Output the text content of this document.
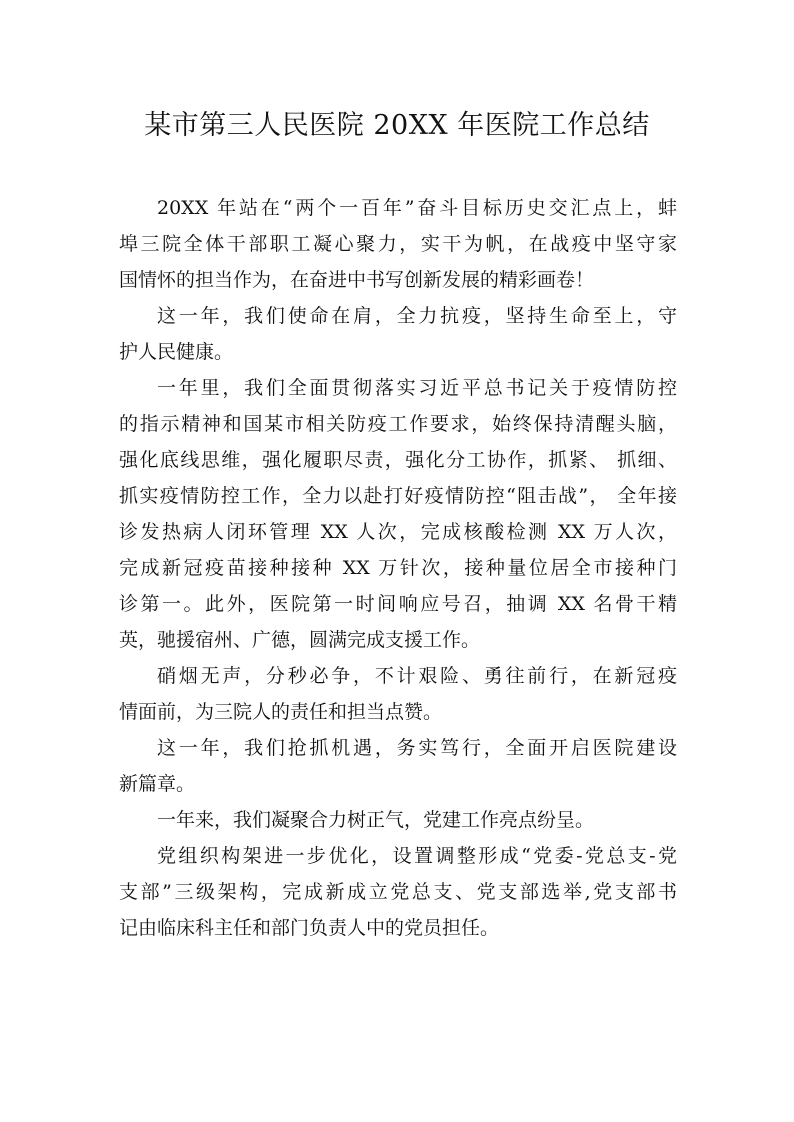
某市第三人民医院 20XX 年医院工作总结

20XX 年站在“两个一百年”奋斗目标历史交汇点上，蚌
埠三院全体干部职工凝心聚力，实干为帆，在战疫中坚守家
国情怀的担当作为，在奋进中书写创新发展的精彩画卷！

这一年，我们使命在肩，全力抗疫，坚持生命至上，守
护人民健康。

一年里，我们全面贯彻落实习近平总书记关于疫情防控
的指示精神和国某市相关防疫工作要求，始终保持清醒头脑，
强化底线思维，强化履职尽责，强化分工协作，抓紧、 抓细、
抓实疫情防控工作，全力以赴打好疫情防控“阻击战”， 全年接
诊发热病人闭环管理 XX 人次，完成核酸检测 XX 万人次，
完成新冠疫苗接种接种 XX 万针次，接种量位居全市接种门
诊第一。此外，医院第一时间响应号召，抽调 XX 名骨干精
英，驰援宿州、广德，圆满完成支援工作。

硝烟无声，分秒必争，不计艰险、勇往前行，在新冠疫
情面前，为三院人的责任和担当点赞。

这一年，我们抢抓机遇，务实笃行，全面开启医院建设
新篇章。

一年来，我们凝聚合力树正气，党建工作亮点纷呈。

党组织构架进一步优化，设置调整形成“党委-党总支-党
支部”三级架构，完成新成立党总支、党支部选举,党支部书
记由临床科主任和部门负责人中的党员担任。
